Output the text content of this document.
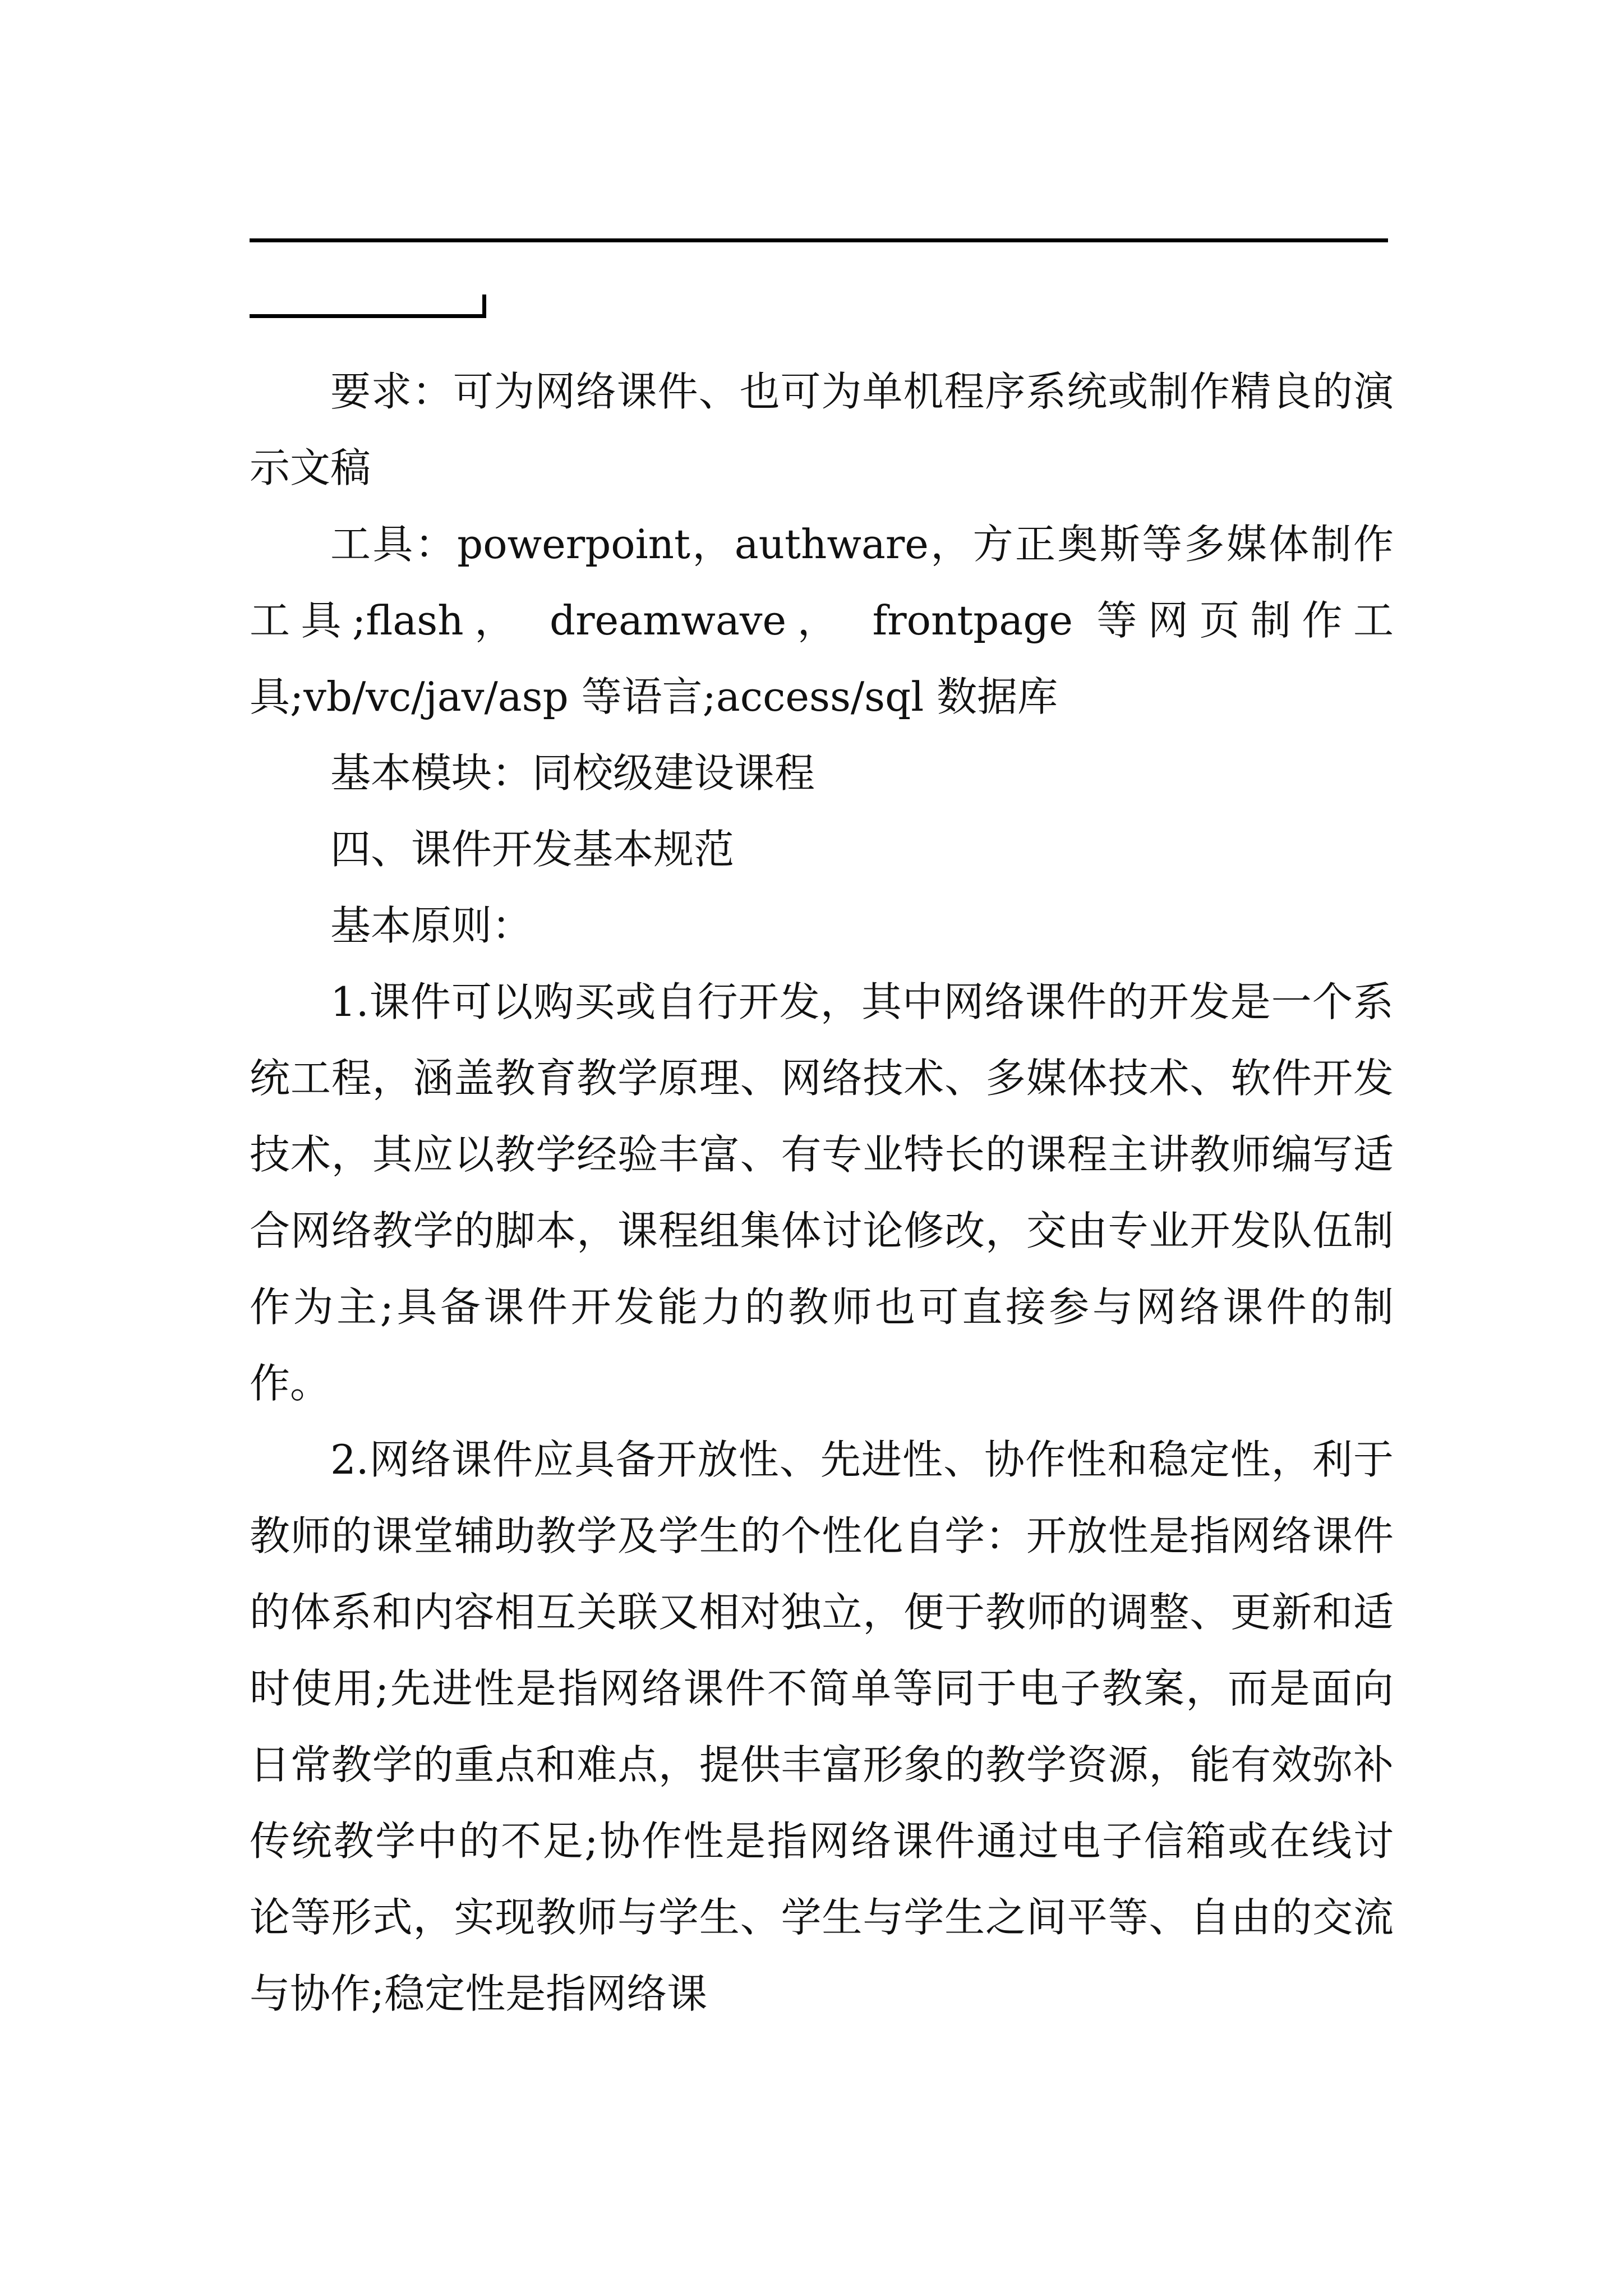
要求：可为网络课件、也可为单机程序系统或制作精良的演示文稿

工具：powerpoint，authware，方正奥斯等多媒体制作工具;flash， dreamwave， frontpage 等网页制作工具;vb/vc/jav/asp 等语言;access/sql 数据库

基本模块：同校级建设课程

四、课件开发基本规范

基本原则：

1.课件可以购买或自行开发，其中网络课件的开发是一个系统工程，涵盖教育教学原理、网络技术、多媒体技术、软件开发技术，其应以教学经验丰富、有专业特长的课程主讲教师编写适合网络教学的脚本，课程组集体讨论修改，交由专业开发队伍制作为主;具备课件开发能力的教师也可直接参与网络课件的制作。

2.网络课件应具备开放性、先进性、协作性和稳定性，利于教师的课堂辅助教学及学生的个性化自学：开放性是指网络课件的体系和内容相互关联又相对独立，便于教师的调整、更新和适时使用;先进性是指网络课件不简单等同于电子教案，而是面向日常教学的重点和难点，提供丰富形象的教学资源，能有效弥补传统教学中的不足;协作性是指网络课件通过电子信箱或在线讨论等形式，实现教师与学生、学生与学生之间平等、自由的交流与协作;稳定性是指网络课
